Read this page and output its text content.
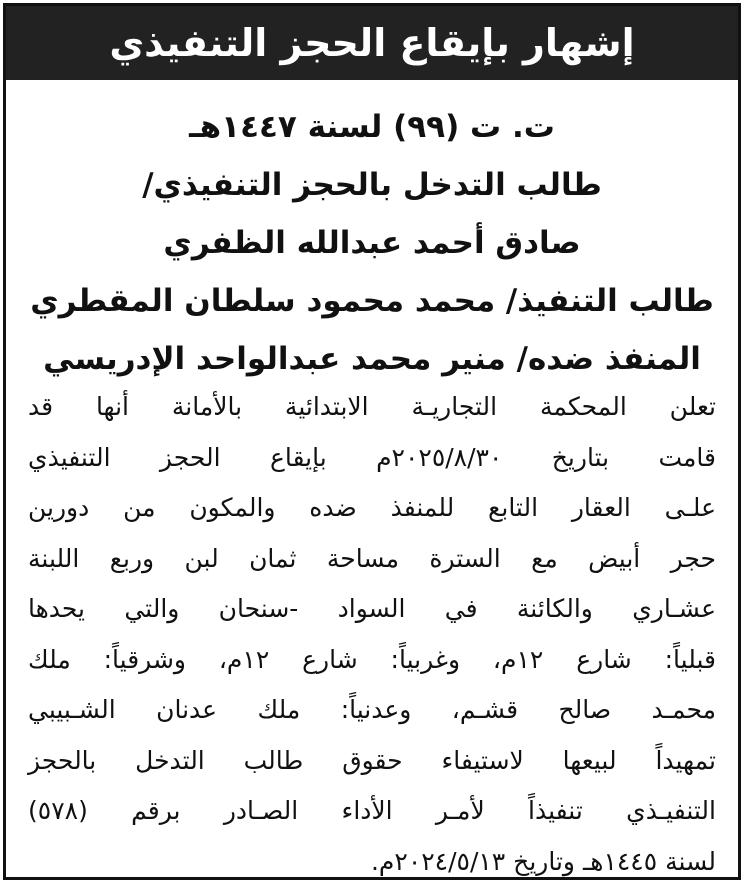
إشهار بإيقاع الحجز التنفيذي
ت. ت (٩٩) لسنة ١٤٤٧هـ
طالب التدخل بالحجز التنفيذي/
صادق أحمد عبدالله الظفري
طالب التنفيذ/ محمد محمود سلطان المقطري
المنفذ ضده/ منير محمد عبدالواحد الإدريسي
تعلن المحكمة التجاريـة الابتدائية بالأمانة أنها قد
قامت بتاريخ ٢٠٢٥/٨/٣٠م بإيقاع الحجز التنفيذي
علـى العقار التابع للمنفذ ضده والمكون من دورين
حجر أبيض مع السترة مساحة ثمان لبن وربع اللبنة
عشـاري والكائنة في السواد -سنحان والتي يحدها
قبلياً: شارع ١٢م، وغربياً: شارع ١٢م، وشرقياً: ملك
محمـد صالح قشـم، وعدنياً: ملك عدنان الشـبيبي
تمهيداً لبيعها لاستيفاء حقوق طالب التدخل بالحجز
التنفيـذي تنفيذاً لأمـر الأداء الصـادر برقم (٥٧٨)
لسنة ١٤٤٥هـ وتاريخ ٢٠٢٤/٥/١٣م.
